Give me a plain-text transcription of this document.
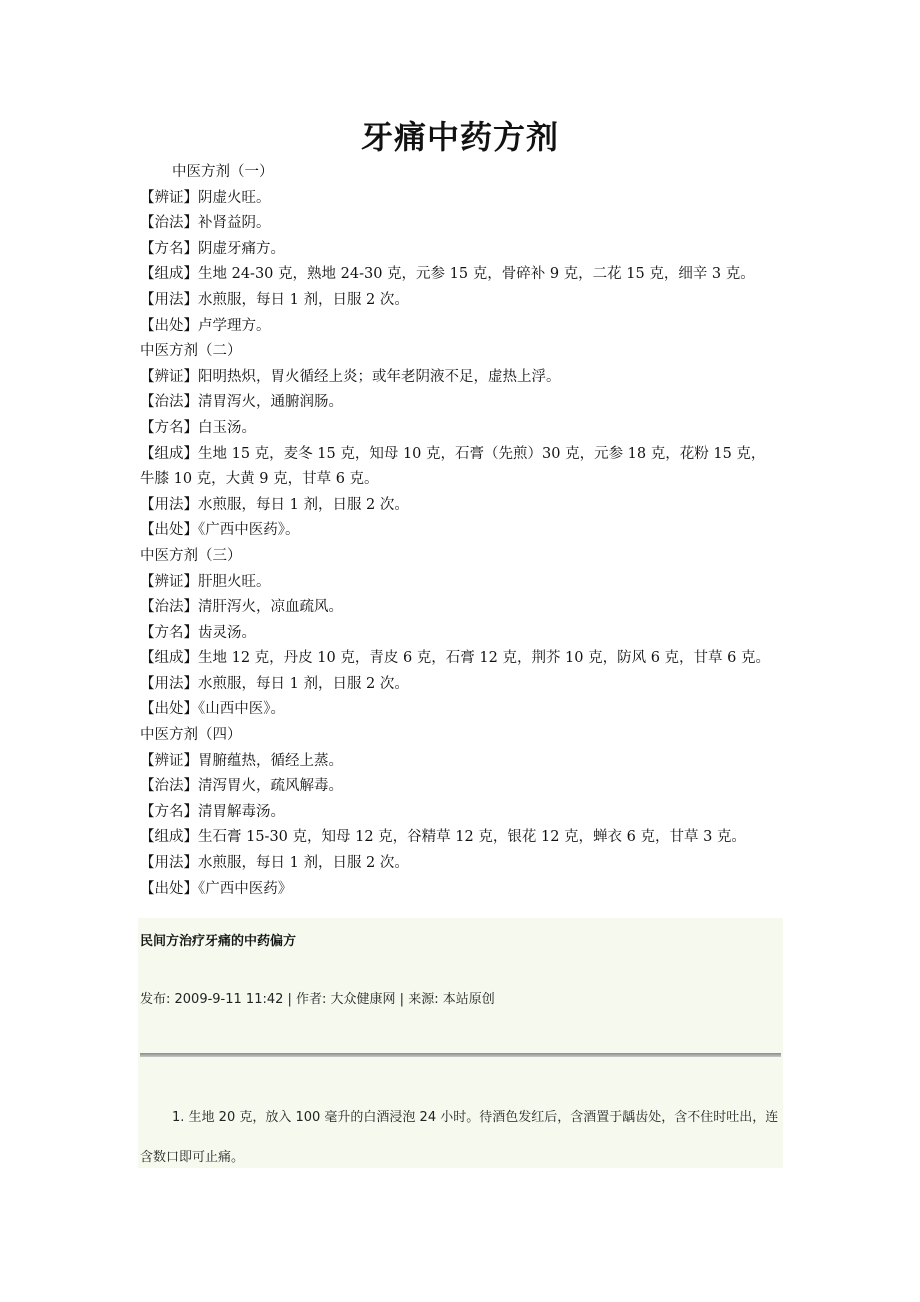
牙痛中药方剂
中医方剂（一）
【辨证】阴虚火旺。
【治法】补肾益阴。
【方名】阴虚牙痛方。
【组成】生地 24-30 克，熟地 24-30 克，元参 15 克，骨碎补 9 克，二花 15 克，细辛 3 克。
【用法】水煎服，每日 1 剂，日服 2 次。
【出处】卢学理方。
中医方剂（二）
【辨证】阳明热炽，胃火循经上炎；或年老阴液不足，虚热上浮。
【治法】清胃泻火，通腑润肠。
【方名】白玉汤。
【组成】生地 15 克，麦冬 15 克，知母 10 克，石膏（先煎）30 克，元参 18 克，花粉 15 克，
牛膝 10 克，大黄 9 克，甘草 6 克。
【用法】水煎服，每日 1 剂，日服 2 次。
【出处】《广西中医药》。
中医方剂（三）
【辨证】肝胆火旺。
【治法】清肝泻火，凉血疏风。
【方名】齿灵汤。
【组成】生地 12 克，丹皮 10 克，青皮 6 克，石膏 12 克，荆芥 10 克，防风 6 克，甘草 6 克。
【用法】水煎服，每日 1 剂，日服 2 次。
【出处】《山西中医》。
中医方剂（四）
【辨证】胃腑蕴热，循经上蒸。
【治法】清泻胃火，疏风解毒。
【方名】清胃解毒汤。
【组成】生石膏 15-30 克，知母 12 克，谷精草 12 克，银花 12 克，蝉衣 6 克，甘草 3 克。
【用法】水煎服，每日 1 剂，日服 2 次。
【出处】《广西中医药》
民间方治疗牙痛的中药偏方
发布: 2009-9-11 11:42 | 作者: 大众健康网 | 来源: 本站原创
1. 生地 20 克，放入 100 毫升的白酒浸泡 24 小时。待酒色发红后，含酒置于龋齿处，含不住时吐出，连含数口即可止痛。
